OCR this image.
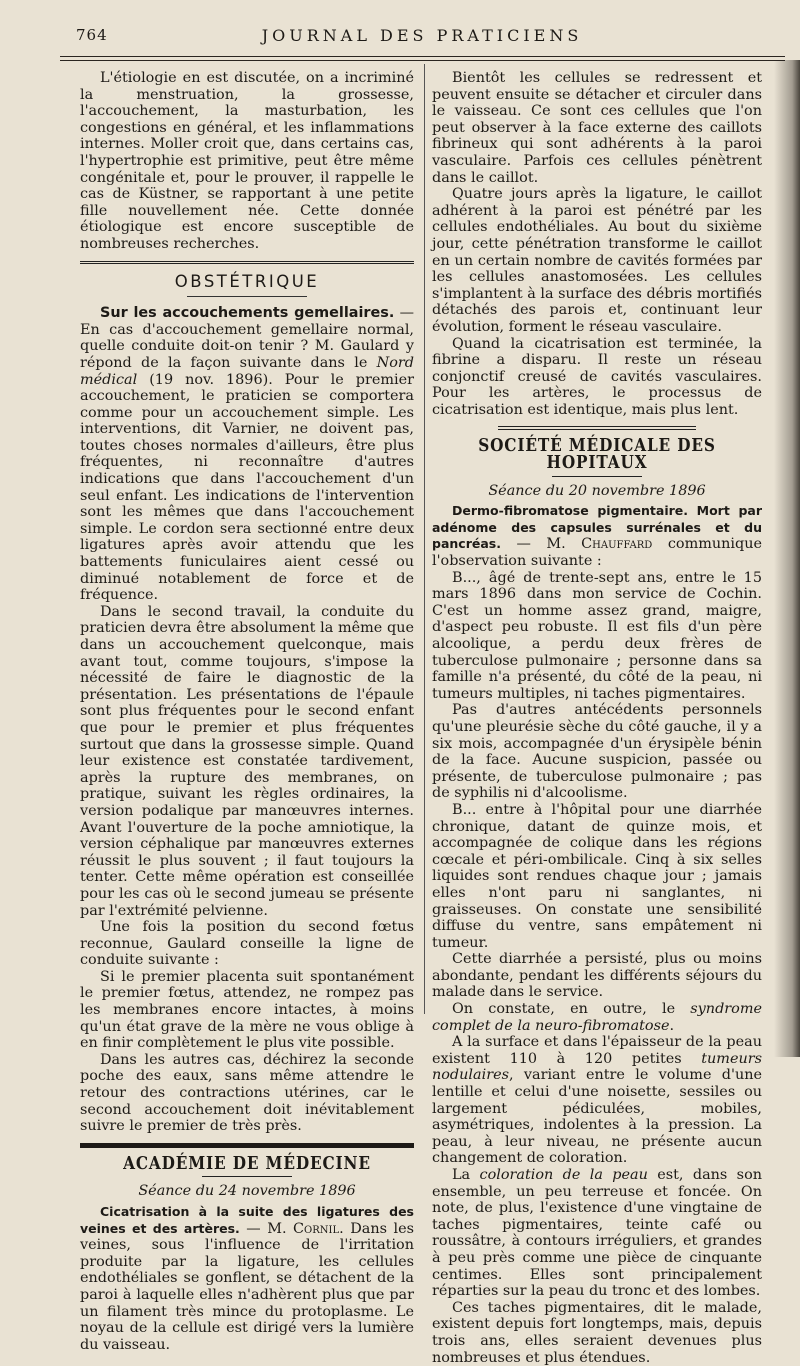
764	JOURNAL DES PRATICIENS

L'étiologie en est discutée, on a incriminé la menstruation, la grossesse, l'accouchement, la masturbation, les congestions en général, et les inflammations internes. Moller croit que, dans certains cas, l'hypertrophie est primitive, peut être même congénitale et, pour le prouver, il rappelle le cas de Küstner, se rapportant à une petite fille nouvellement née. Cette donnée étiologique est encore susceptible de nombreuses recherches.

OBSTÉTRIQUE

Sur les accouchements gemellaires. — En cas d'accouchement gemellaire normal, quelle conduite doit-on tenir ? M. Gaulard y répond de la façon suivante dans le Nord médical (19 nov. 1896). Pour le premier accouchement, le praticien se comportera comme pour un accouchement simple. Les interventions, dit Varnier, ne doivent pas, toutes choses normales d'ailleurs, être plus fréquentes, ni reconnaître d'autres indications que dans l'accouchement d'un seul enfant. Les indications de l'intervention sont les mêmes que dans l'accouchement simple. Le cordon sera sectionné entre deux ligatures après avoir attendu que les battements funiculaires aient cessé ou diminué notablement de force et de fréquence.

Dans le second travail, la conduite du praticien devra être absolument la même que dans un accouchement quelconque, mais avant tout, comme toujours, s'impose la nécessité de faire le diagnostic de la présentation. Les présentations de l'épaule sont plus fréquentes pour le second enfant que pour le premier et plus fréquentes surtout que dans la grossesse simple. Quand leur existence est constatée tardivement, après la rupture des membranes, on pratique, suivant les règles ordinaires, la version podalique par manœuvres internes. Avant l'ouverture de la poche amniotique, la version céphalique par manœuvres externes réussit le plus souvent ; il faut toujours la tenter. Cette même opération est conseillée pour les cas où le second jumeau se présente par l'extrémité pelvienne.

Une fois la position du second fœtus reconnue, Gaulard conseille la ligne de conduite suivante :

Si le premier placenta suit spontanément le premier fœtus, attendez, ne rompez pas les membranes encore intactes, à moins qu'un état grave de la mère ne vous oblige à en finir complètement le plus vite possible.

Dans les autres cas, déchirez la seconde poche des eaux, sans même attendre le retour des contractions utérines, car le second accouchement doit inévitablement suivre le premier de très près.

ACADÉMIE DE MÉDECINE
Séance du 24 novembre 1896

Cicatrisation à la suite des ligatures des veines et des artères. — M. Cornil. Dans les veines, sous l'influence de l'irritation produite par la ligature, les cellules endothéliales se gonflent, se détachent de la paroi à laquelle elles n'adhèrent plus que par un filament très mince du protoplasme. Le noyau de la cellule est dirigé vers la lumière du vaisseau.

Bientôt les cellules se redressent et peuvent ensuite se détacher et circuler dans le vaisseau. Ce sont ces cellules que l'on peut observer à la face externe des caillots fibrineux qui sont adhérents à la paroi vasculaire. Parfois ces cellules pénètrent dans le caillot.

Quatre jours après la ligature, le caillot adhérent à la paroi est pénétré par les cellules endothéliales. Au bout du sixième jour, cette pénétration transforme le caillot en un certain nombre de cavités formées par les cellules anastomosées. Les cellules s'implantent à la surface des débris mortifiés détachés des parois et, continuant leur évolution, forment le réseau vasculaire.

Quand la cicatrisation est terminée, la fibrine a disparu. Il reste un réseau conjonctif creusé de cavités vasculaires. Pour les artères, le processus de cicatrisation est identique, mais plus lent.

SOCIÉTÉ MÉDICALE DES HOPITAUX
Séance du 20 novembre 1896

Dermo-fibromatose pigmentaire. Mort par adénome des capsules surrénales et du pancréas. — M. Chauffard communique l'observation suivante :

B..., âgé de trente-sept ans, entre le 15 mars 1896 dans mon service de Cochin. C'est un homme assez grand, maigre, d'aspect peu robuste. Il est fils d'un père alcoolique, a perdu deux frères de tuberculose pulmonaire ; personne dans sa famille n'a présenté, du côté de la peau, ni tumeurs multiples, ni taches pigmentaires.

Pas d'autres antécédents personnels qu'une pleurésie sèche du côté gauche, il y a six mois, accompagnée d'un érysipèle bénin de la face. Aucune suspicion, passée ou présente, de tuberculose pulmonaire ; pas de syphilis ni d'alcoolisme.

B... entre à l'hôpital pour une diarrhée chronique, datant de quinze mois, et accompagnée de colique dans les régions cœcale et péri-ombilicale. Cinq à six selles liquides sont rendues chaque jour ; jamais elles n'ont paru ni sanglantes, ni graisseuses. On constate une sensibilité diffuse du ventre, sans empâtement ni tumeur.

Cette diarrhée a persisté, plus ou moins abondante, pendant les différents séjours du malade dans le service.

On constate, en outre, le syndrome complet de la neuro-fibromatose.

A la surface et dans l'épaisseur de la peau existent 110 à 120 petites tumeurs nodulaires, variant entre le volume d'une lentille et celui d'une noisette, sessiles ou largement pédiculées, mobiles, asymétriques, indolentes à la pression. La peau, à leur niveau, ne présente aucun changement de coloration.

La coloration de la peau est, dans son ensemble, un peu terreuse et foncée. On note, de plus, l'existence d'une vingtaine de taches pigmentaires, teinte café ou roussâtre, à contours irréguliers, et grandes à peu près comme une pièce de cinquante centimes. Elles sont principalement réparties sur la peau du tronc et des lombes.

Ces taches pigmentaires, dit le malade, existent depuis fort longtemps, mais, depuis trois ans, elles seraient devenues plus nombreuses et plus étendues.
